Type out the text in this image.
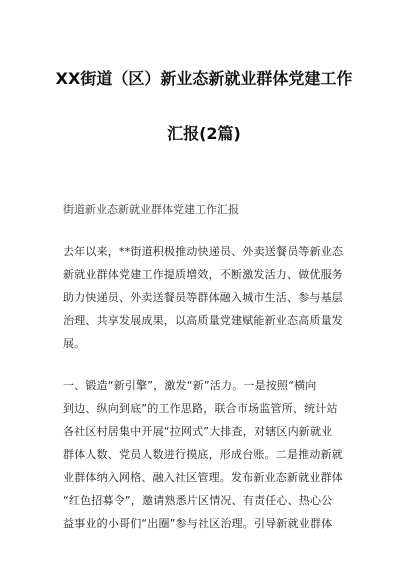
XX街道（区）新业态新就业群体党建工作
汇报(2篇)
街道新业态新就业群体党建工作汇报
去年以来，**街道积极推动快递员、外卖送餐员等新业态
新就业群体党建工作提质增效，不断激发活力、做优服务
助力快递员、外卖送餐员等群体融入城市生活、参与基层
治理、共享发展成果，以高质量党建赋能新业态高质量发
展。
一、锻造“新引擎”，激发“新”活力。一是按照“横向
到边、纵向到底”的工作思路，联合市场监管所、统计站
各社区村居集中开展“拉网式”大排查，对辖区内新就业
群体人数、党员人数进行摸底，形成台账。二是推动新就
业群体纳入网格、融入社区管理。发布新业态新就业群体
“红色招募令”，邀请熟悉片区情况、有责任心、热心公
益事业的小哥们“出圈”参与社区治理。引导新就业群体
